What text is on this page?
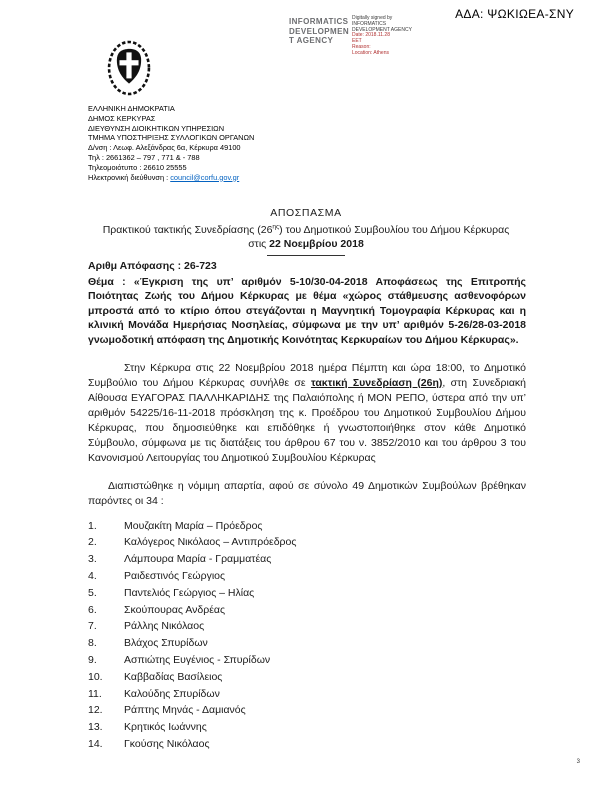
ΑΔΑ: ΨΩΚΙΩΕΑ-ΣΝΥ
INFORMATICS
DEVELOPMEN
T AGENCY
Digitally signed by
INFORMATICS
DEVELOPMENT AGENCY
Date: 2018.11.28
EET
Reason:
Location: Athens
ΕΛΛΗΝΙΚΗ ΔΗΜΟΚΡΑΤΙΑ
ΔΗΜΟΣ ΚΕΡΚΥΡΑΣ
ΔΙΕΥΘΥΝΣΗ ΔΙΟΙΚΗΤΙΚΩΝ ΥΠΗΡΕΣΙΩΝ
ΤΜΗΜΑ ΥΠΟΣΤΗΡΙΞΗΣ ΣΥΛΛΟΓΙΚΩΝ ΟΡΓΑΝΩΝ
Δ/νση : Λεωφ. Αλεξάνδρας 6α, Κέρκυρα 49100
Τηλ : 2661362 – 797 , 771 & - 788
Τηλεομοιότυπο : 26610 25555
Ηλεκτρονική διεύθυνση : council@corfu.gov.gr
ΑΠΟΣΠΑΣΜΑ
Πρακτικού τακτικής Συνεδρίασης $(26^{\eta\varsigma})$ του Δημοτικού Συμβουλίου του Δήμου Κέρκυρας
στις 22 Νοεμβρίου 2018

Αριθμ Απόφασης : 26-723

Θέμα : «Έγκριση της υπ’ αριθμόν 5-10/30-04-2018 Αποφάσεως της Επιτροπής Ποιότητας Ζωής του Δήμου Κέρκυρας με θέμα «χώρος στάθμευσης ασθενοφόρων μπροστά από το κτίριο όπου στεγάζονται η Μαγνητική Τομογραφία Κέρκυρας και η κλινική Μονάδα Ημερήσιας Νοσηλείας, σύμφωνα με την υπ’ αριθμόν 5-26/28-03-2018 γνωμοδοτική απόφαση της Δημοτικής Κοινότητας Κερκυραίων του Δήμου Κέρκυρας».

Στην Κέρκυρα στις 22 Νοεμβρίου 2018 ημέρα Πέμπτη και ώρα 18:00, το Δημοτικό Συμβούλιο του Δήμου Κέρκυρας συνήλθε σε τακτική Συνεδρίαση (26η), στη Συνεδριακή Αίθουσα ΕΥΑΓΟΡΑΣ ΠΑΛΛΗΚΑΡΙΔΗΣ της Παλαιόπολης ή ΜΟΝ ΡΕΠΟ, ύστερα από την υπ’ αριθμόν 54225/16-11-2018 πρόσκληση της κ. Προέδρου του Δημοτικού Συμβουλίου Δήμου Κέρκυρας, που δημοσιεύθηκε και επιδόθηκε ή γνωστοποιήθηκε στον κάθε Δημοτικό Σύμβουλο, σύμφωνα με τις διατάξεις του άρθρου 67 του ν. 3852/2010 και του άρθρου 3 του Κανονισμού Λειτουργίας του Δημοτικού Συμβουλίου Κέρκυρας

Διαπιστώθηκε η νόμιμη απαρτία, αφού σε σύνολο 49 Δημοτικών Συμβούλων βρέθηκαν παρόντες οι 34 :

1.	Μουζακίτη Μαρία – Πρόεδρος
2.	Καλόγερος Νικόλαος – Αντιπρόεδρος
3.	Λάμπουρα Μαρία - Γραμματέας
4.	Ραιδεστινός Γεώργιος
5.	Παντελιός Γεώργιος – Ηλίας
6.	Σκούπουρας Ανδρέας
7.	Ράλλης Νικόλαος
8.	Βλάχος Σπυρίδων
9.	Ασπιώτης Ευγένιος - Σπυρίδων
10.	Καββαδίας Βασίλειος
11.	Καλούδης Σπυρίδων
12.	Ράπτης Μηνάς - Δαμιανός
13.	Κρητικός Ιωάννης
14.	Γκούσης Νικόλαος
3
